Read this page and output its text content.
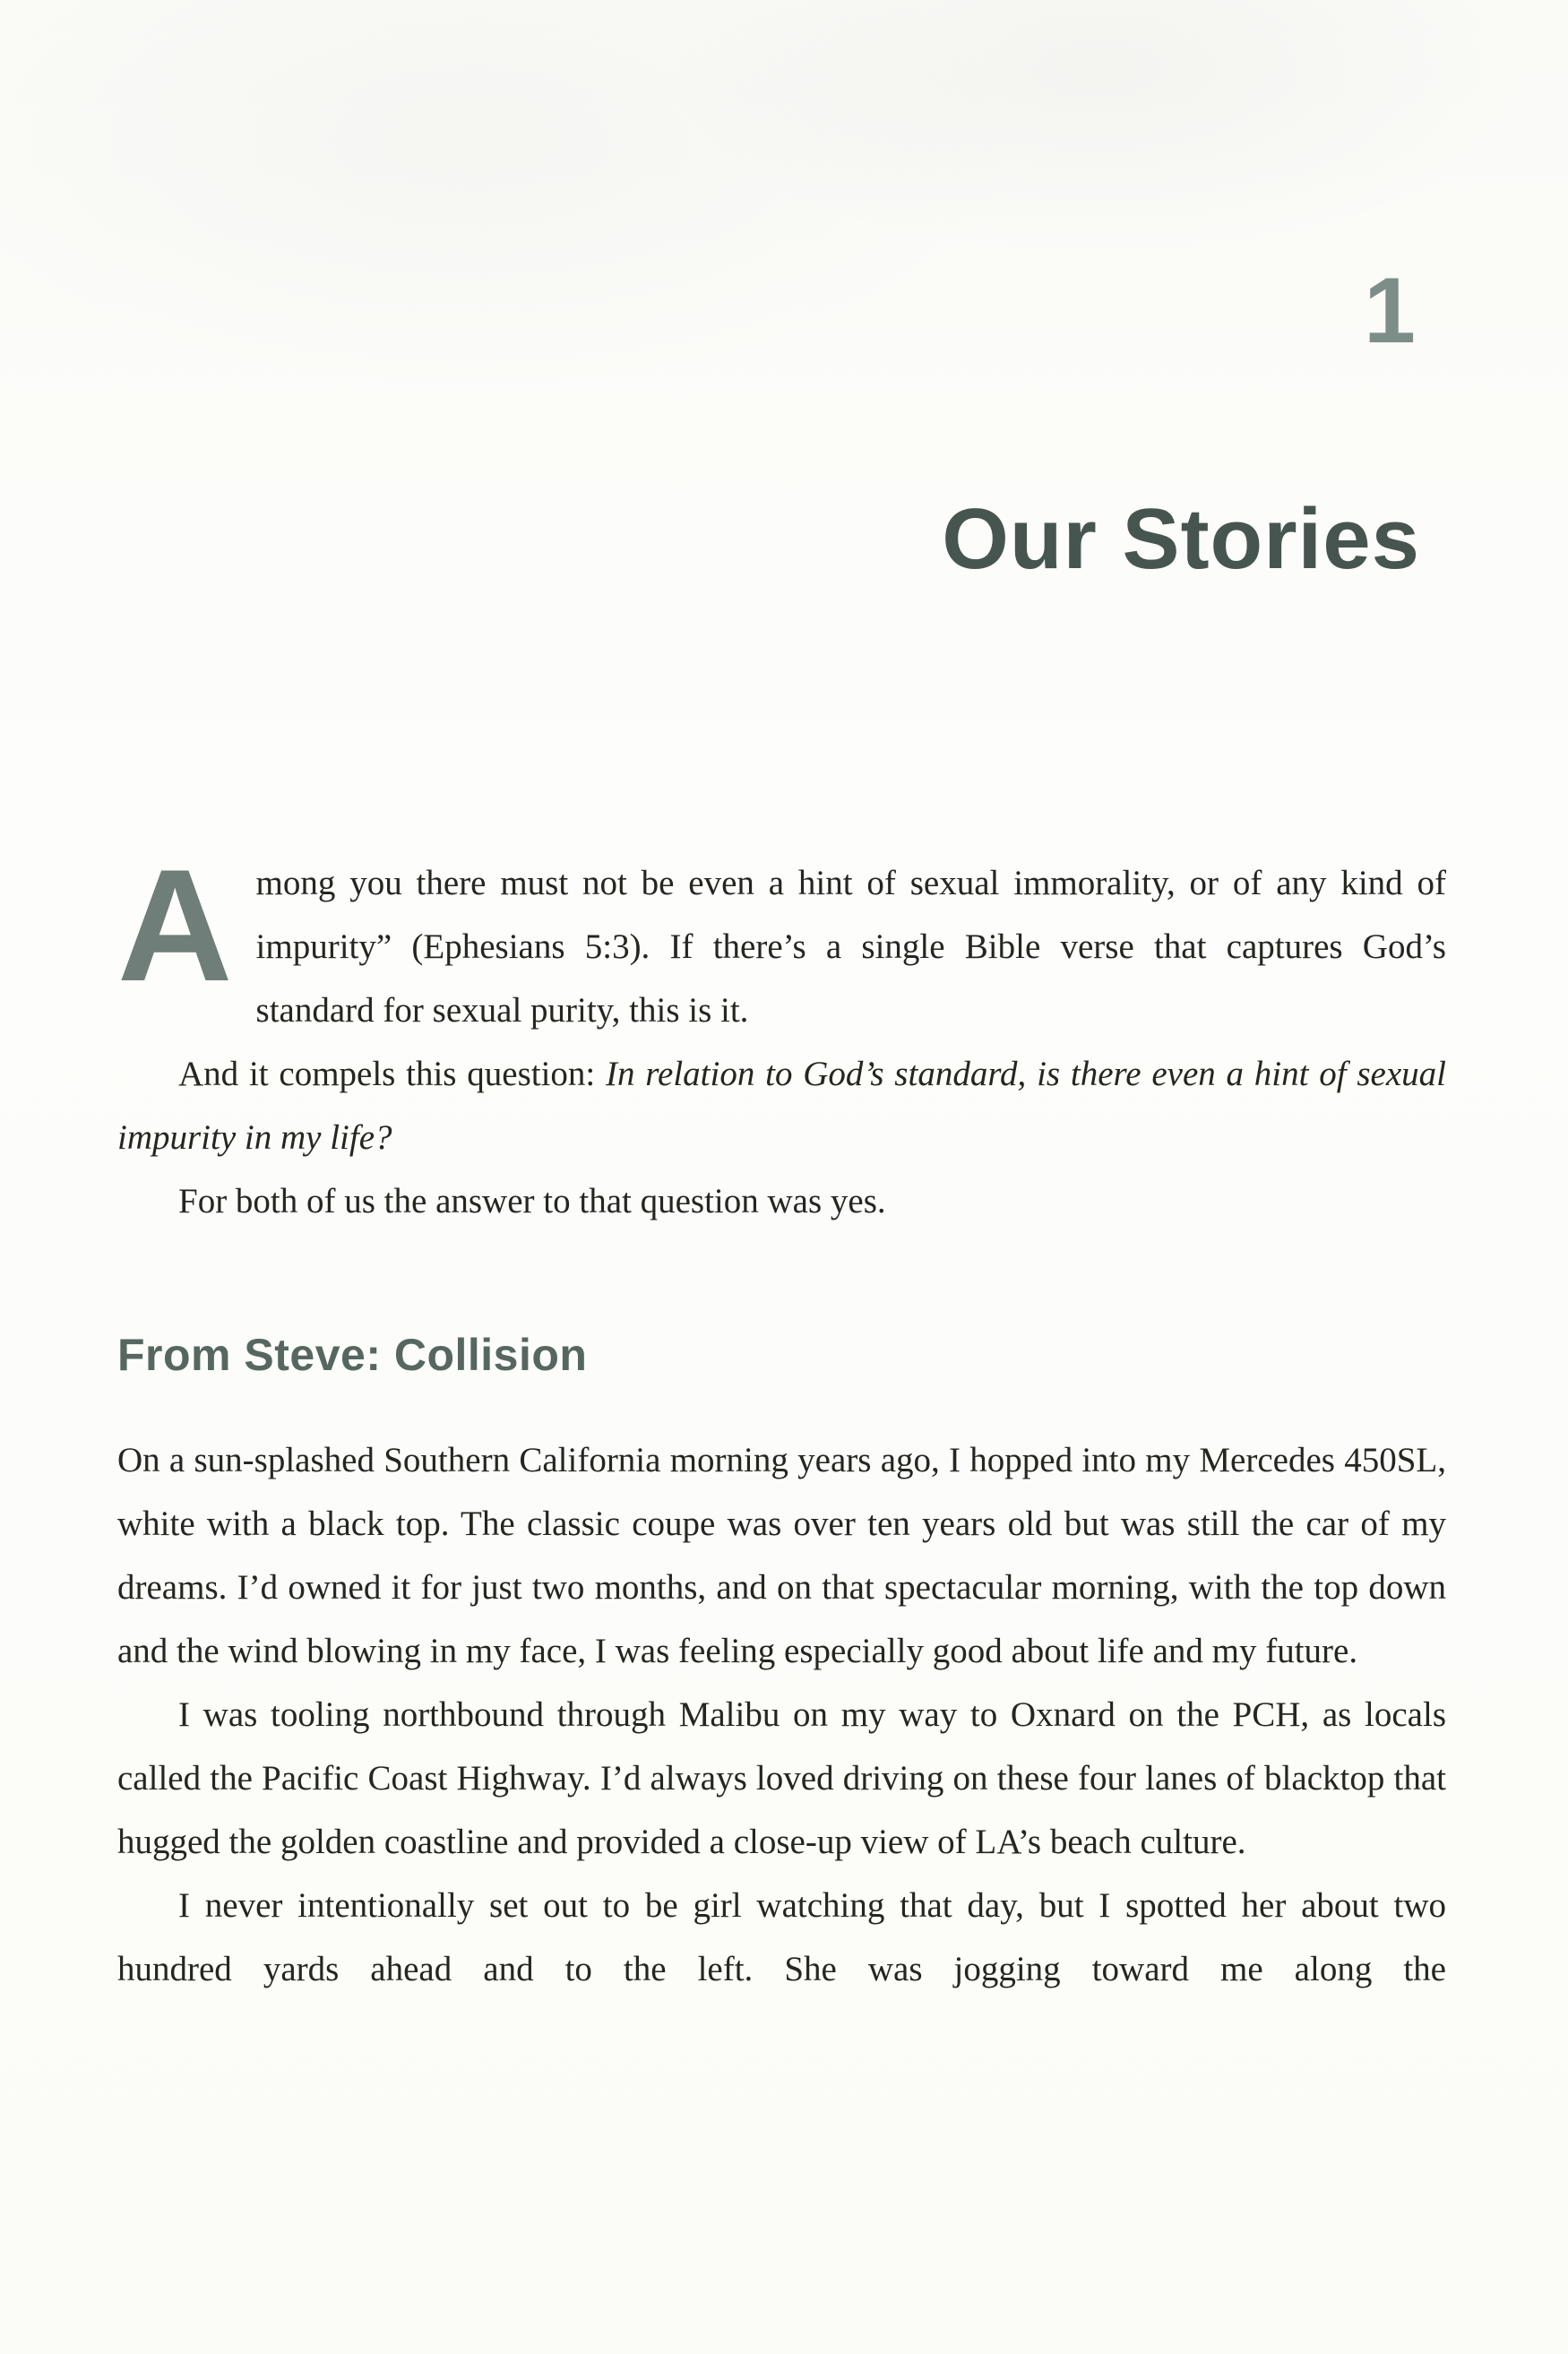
1
Our Stories

Among you there must not be even a hint of sexual immorality, or of any kind of impurity” (Ephesians 5:3). If there’s a single Bible verse that captures God’s standard for sexual purity, this is it.

And it compels this question: In relation to God’s standard, is there even a hint of sexual impurity in my life?

For both of us the answer to that question was yes.

From Steve: Collision

On a sun-splashed Southern California morning years ago, I hopped into my Mercedes 450SL, white with a black top. The classic coupe was over ten years old but was still the car of my dreams. I’d owned it for just two months, and on that spectacular morning, with the top down and the wind blowing in my face, I was feeling especially good about life and my future.

I was tooling northbound through Malibu on my way to Oxnard on the PCH, as locals called the Pacific Coast Highway. I’d always loved driving on these four lanes of blacktop that hugged the golden coastline and provided a close-up view of LA’s beach culture.

I never intentionally set out to be girl watching that day, but I spotted her about two hundred yards ahead and to the left. She was jogging toward me along the
